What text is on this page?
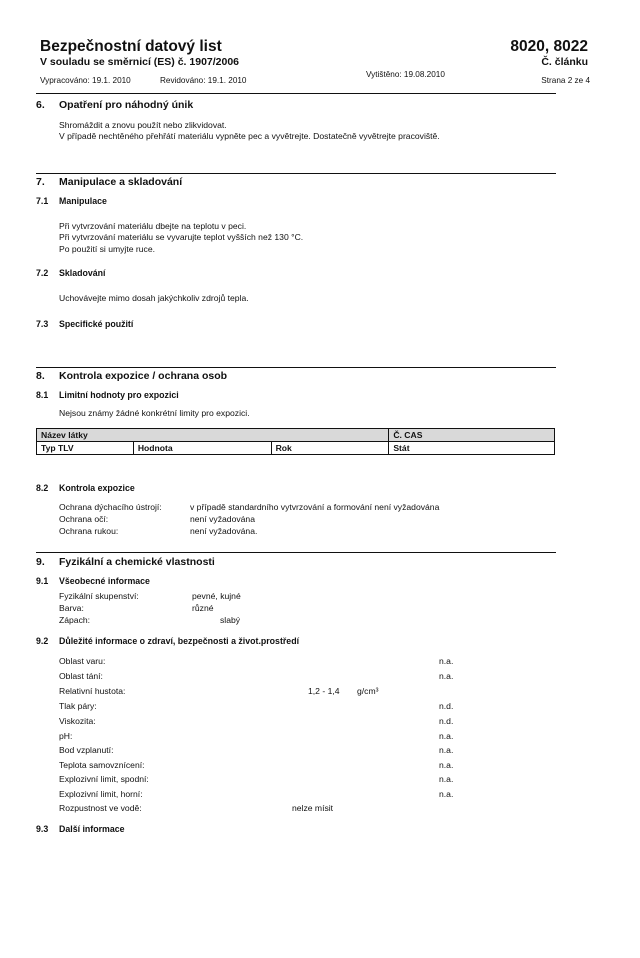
Bezpečnostní datový list
V souladu se směrnicí (ES) č. 1907/2006
8020, 8022
Č. článku
Vypracováno: 19.1. 2010	Revidováno: 19.1. 2010
Vytištěno: 19.08.2010
Strana 2 ze 4
6. Opatření pro náhodný únik
Shromáždit a znovu použít nebo zlikvidovat.
V případě nechtěného přehřátí materiálu vypněte pec a vyvětrejte. Dostatečně vyvětrejte pracoviště.
7. Manipulace a skladování
7.1 Manipulace
Při vytvrzování materiálu dbejte na teplotu v peci.
Při vytvrzování materiálu se vyvarujte teplot vyšších než 130 °C.
Po použití si umyjte ruce.
7.2 Skladování
Uchovávejte mimo dosah jakýchkoliv zdrojů tepla.
7.3 Specifické použití
8. Kontrola expozice / ochrana osob
8.1 Limitní hodnoty pro expozici
Nejsou známy žádné konkrétní limity pro expozici.
Název látky			Č. CAS
Typ TLV	Hodnota	Rok	Stát
8.2 Kontrola expozice
Ochrana dýchacího ústrojí:	v případě standardního vytvrzování a formování není vyžadována
Ochrana očí:	není vyžadována
Ochrana rukou:	není vyžadována.
9. Fyzikální a chemické vlastnosti
9.1 Všeobecné informace
Fyzikální skupenství:	pevné, kujné
Barva:	různé
Zápach:	slabý
9.2 Důležité informace o zdraví, bezpečnosti a život.prostředí
Oblast varu:	n.a.
Oblast tání:	n.a.
Relativní hustota:	1,2 - 1,4 g/cm³
Tlak páry:	n.d.
Viskozita:	n.d.
pH:	n.a.
Bod vzplanutí:	n.a.
Teplota samovznícení:	n.a.
Explozivní limit, spodní:	n.a.
Explozivní limit, horní:	n.a.
Rozpustnost ve vodě:	nelze mísit
9.3 Další informace
